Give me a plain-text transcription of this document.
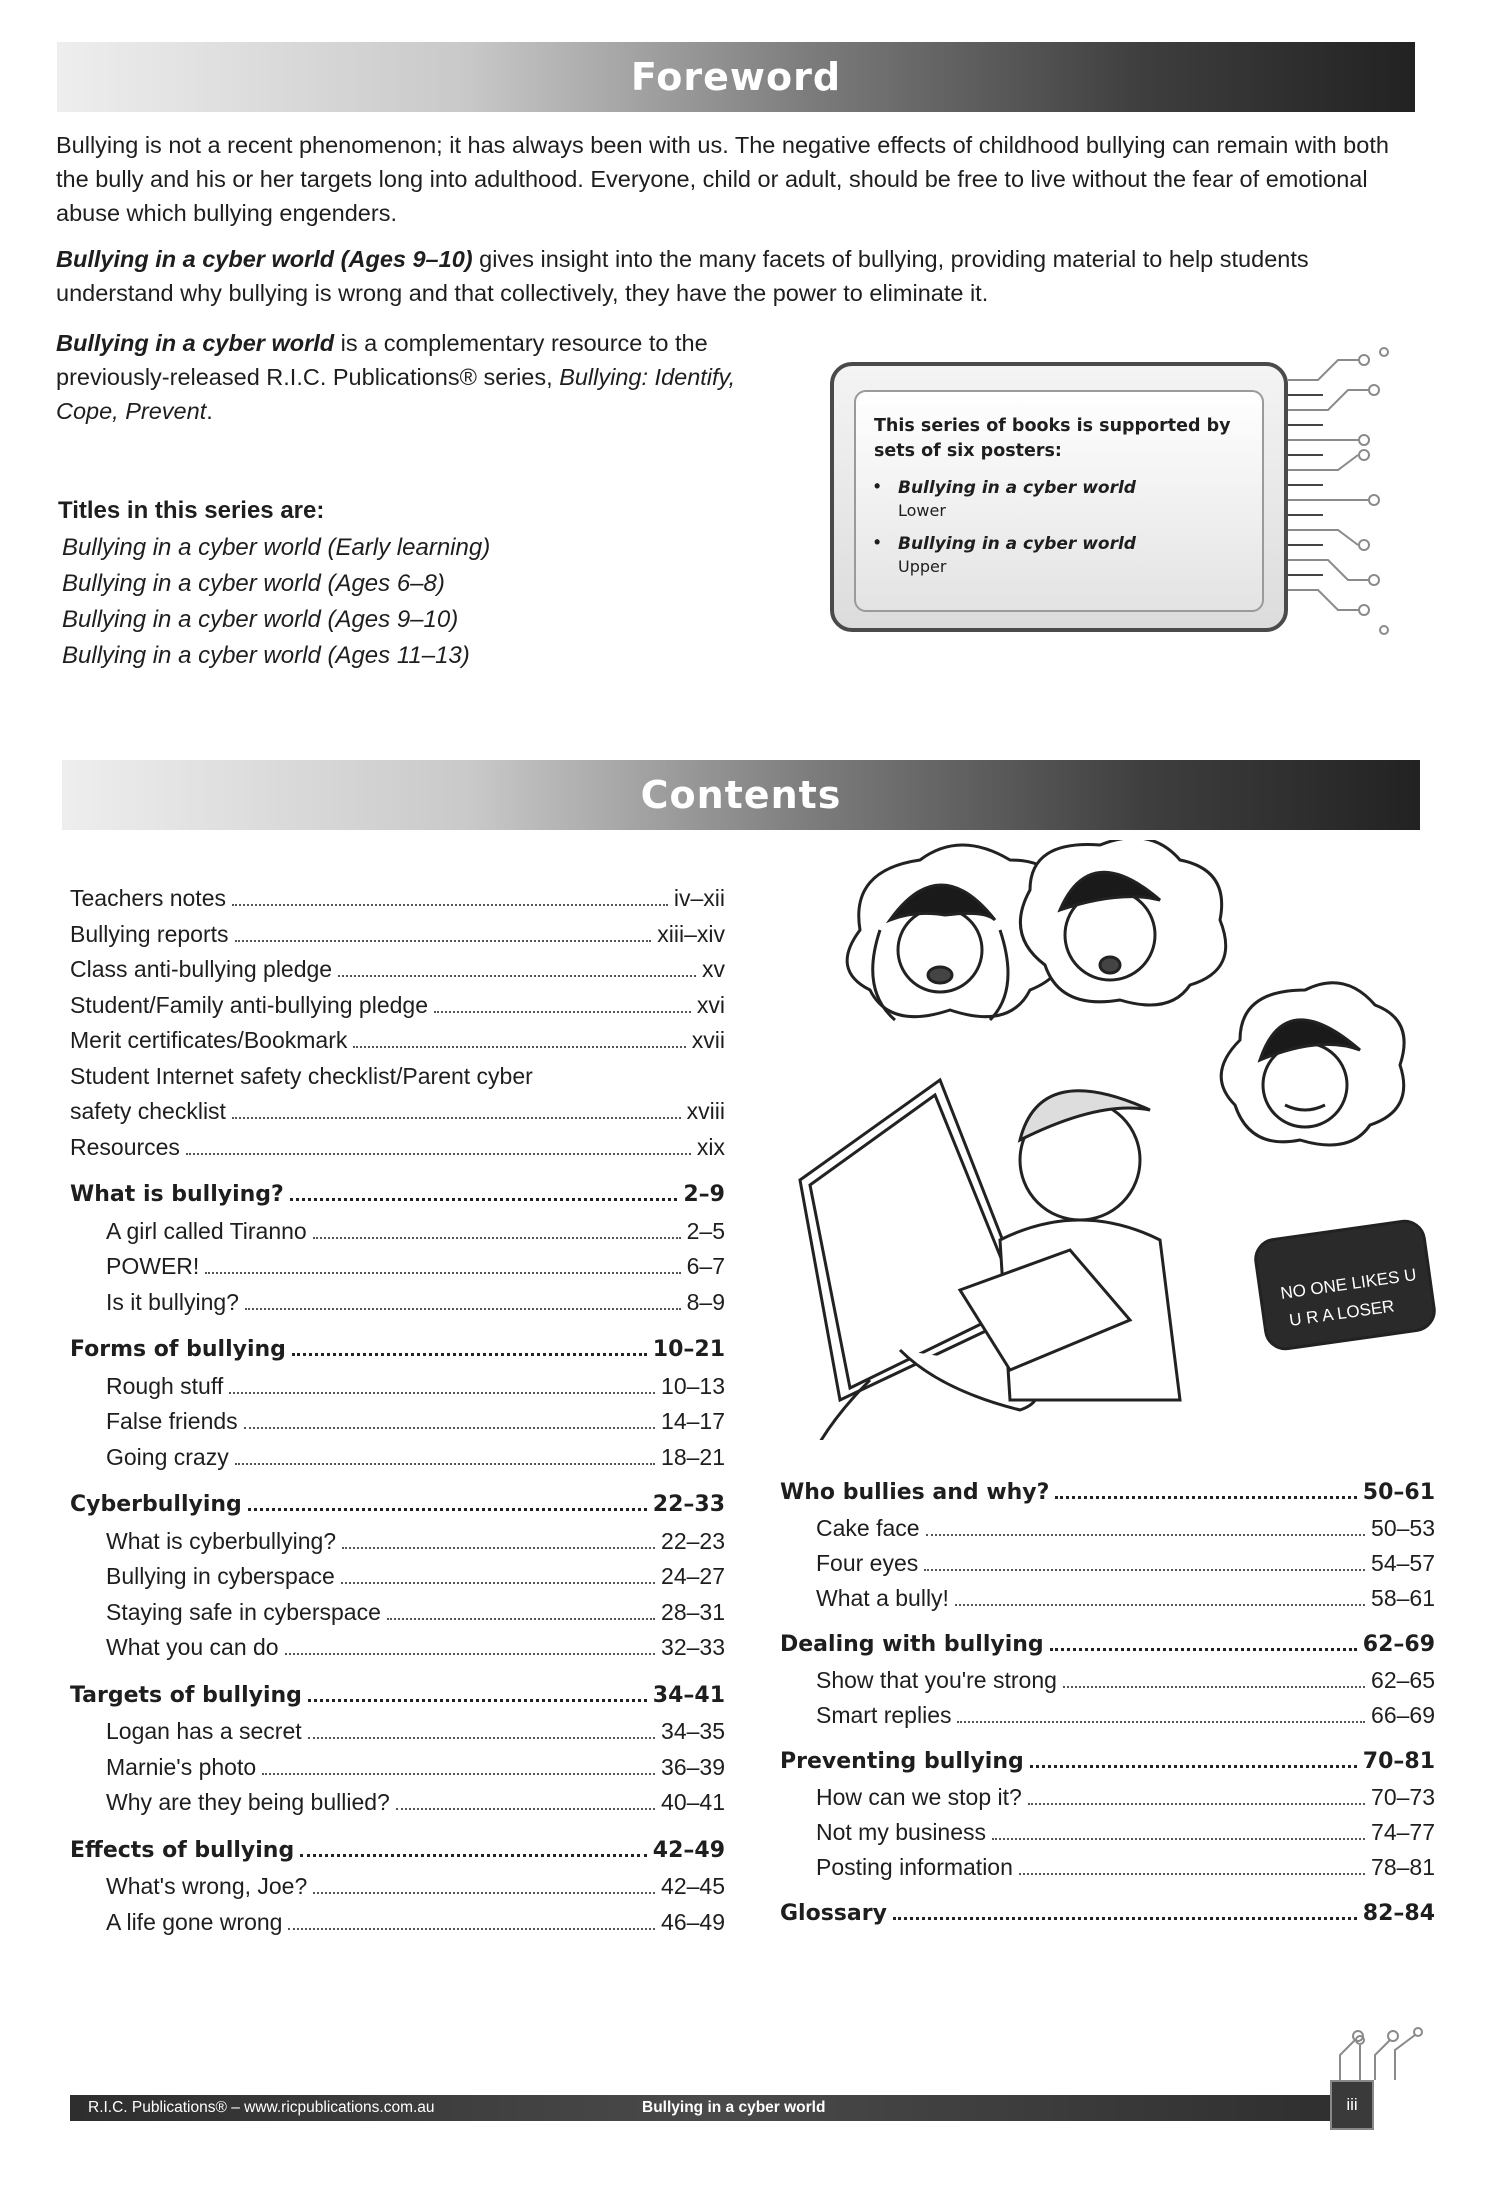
Foreword

Bullying is not a recent phenomenon; it has always been with us. The negative effects of childhood bullying can remain with both the bully and his or her targets long into adulthood. Everyone, child or adult, should be free to live without the fear of emotional abuse which bullying engenders.

Bullying in a cyber world (Ages 9–10) gives insight into the many facets of bullying, providing material to help students understand why bullying is wrong and that collectively, they have the power to eliminate it.

Bullying in a cyber world is a complementary resource to the previously-released R.I.C. Publications® series, Bullying: Identify, Cope, Prevent.

Titles in this series are:
Bullying in a cyber world (Early learning)
Bullying in a cyber world (Ages 6–8)
Bullying in a cyber world (Ages 9–10)
Bullying in a cyber world (Ages 11–13)

This series of books is supported by sets of six posters:

•	Bullying in a cyber world
Lower
•	Bullying in a cyber world
Upper
Contents
Teachers notes	iv–xii
Bullying reports	xiii–xiv
Class anti-bullying pledge	xv
Student/Family anti-bullying pledge	xvi
Merit certificates/Bookmark	xvii
Student Internet safety checklist/Parent cyber
safety checklist	xviii
Resources	xix
What is bullying?	2–9
A girl called Tiranno	2–5
POWER!	6–7
Is it bullying?	8–9
Forms of bullying	10–21
Rough stuff	10–13
False friends	14–17
Going crazy	18–21
Cyberbullying	22–33
What is cyberbullying?	22–23
Bullying in cyberspace	24–27
Staying safe in cyberspace	28–31
What you can do	32–33
Targets of bullying	34–41
Logan has a secret	34–35
Marnie's photo	36–39
Why are they being bullied?	40–41
Effects of bullying	42–49
What's wrong, Joe?	42–45
A life gone wrong	46–49
Who bullies and why?	50–61
Cake face	50–53
Four eyes	54–57
What a bully!	58–61
Dealing with bullying	62–69
Show that you're strong	62–65
Smart replies	66–69
Preventing bullying	70–81
How can we stop it?	70–73
Not my business	74–77
Posting information	78–81
Glossary	82–84
NO ONE LIKES U
U R A LOSER
R.I.C. Publications® – www.ricpublications.com.au	Bullying in a cyber world	iii
